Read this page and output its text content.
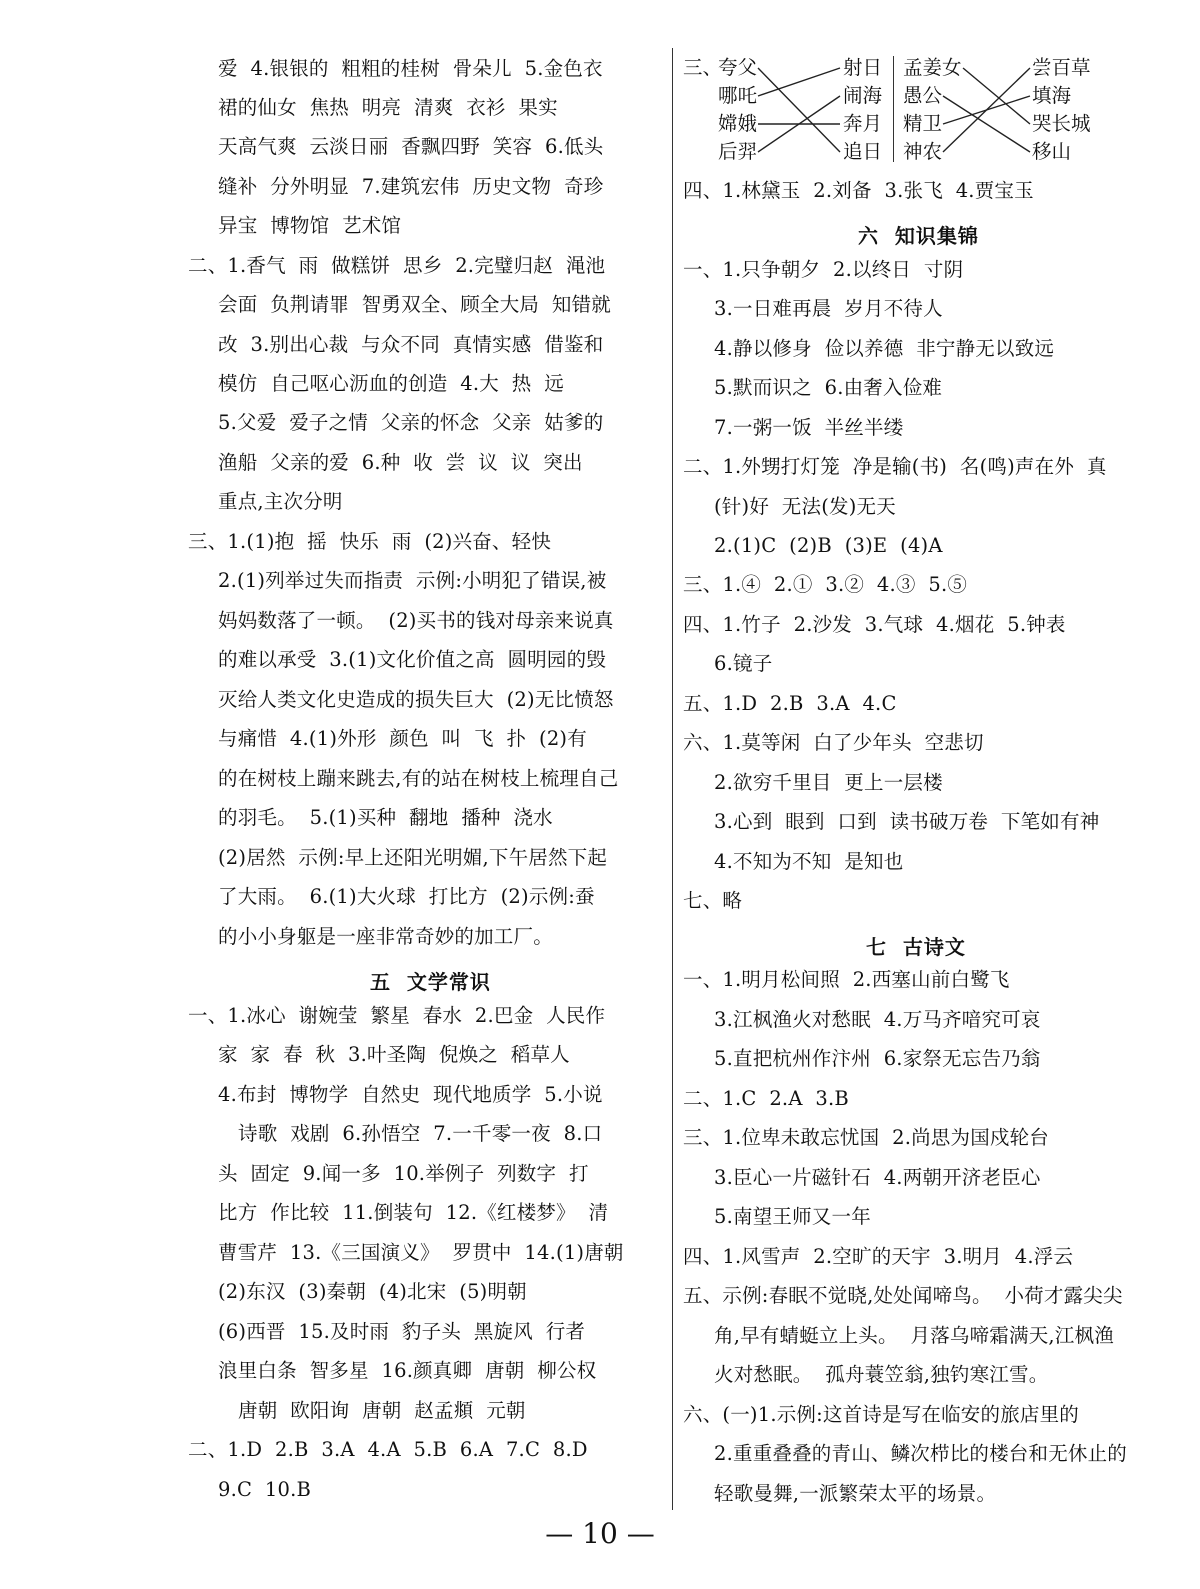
爱  4.银银的  粗粗的桂树  骨朵儿  5.金色衣
裙的仙女  焦热  明亮  清爽  衣衫  果实
天高气爽  云淡日丽  香飘四野  笑容  6.低头
缝补  分外明显  7.建筑宏伟  历史文物  奇珍
异宝  博物馆  艺术馆
二、1.香气  雨  做糕饼  思乡  2.完璧归赵  渑池
会面  负荆请罪  智勇双全、顾全大局  知错就
改  3.别出心裁  与众不同  真情实感  借鉴和
模仿  自己呕心沥血的创造  4.大  热  远
5.父爱  爱子之情  父亲的怀念  父亲  姑爹的
渔船  父亲的爱  6.种  收  尝  议  议  突出
重点,主次分明
三、1.(1)抱  摇  快乐  雨  (2)兴奋、轻快
2.(1)列举过失而指责  示例:小明犯了错误,被
妈妈数落了一顿。  (2)买书的钱对母亲来说真
的难以承受  3.(1)文化价值之高  圆明园的毁
灭给人类文化史造成的损失巨大  (2)无比愤怒
与痛惜  4.(1)外形  颜色  叫  飞  扑  (2)有
的在树枝上蹦来跳去,有的站在树枝上梳理自己
的羽毛。  5.(1)买种  翻地  播种  浇水
(2)居然  示例:早上还阳光明媚,下午居然下起
了大雨。  6.(1)大火球  打比方  (2)示例:蚕
的小小身躯是一座非常奇妙的加工厂。
五  文学常识
一、1.冰心  谢婉莹  繁星  春水  2.巴金  人民作
家  家  春  秋  3.叶圣陶  倪焕之  稻草人
4.布封  博物学  自然史  现代地质学  5.小说
诗歌  戏剧  6.孙悟空  7.一千零一夜  8.口
头  固定  9.闻一多  10.举例子  列数字  打
比方  作比较  11.倒装句  12.《红楼梦》  清
曹雪芹  13.《三国演义》  罗贯中  14.(1)唐朝
(2)东汉  (3)秦朝  (4)北宋  (5)明朝
(6)西晋  15.及时雨  豹子头  黑旋风  行者
浪里白条  智多星  16.颜真卿  唐朝  柳公权
唐朝  欧阳询  唐朝  赵孟頫  元朝
二、1.D  2.B  3.A  4.A  5.B  6.A  7.C  8.D
9.C  10.B
三、
夸父
哪吒
嫦娥
后羿
射日
闹海
奔月
追日
孟姜女
愚公
精卫
神农
尝百草
填海
哭长城
移山
四、1.林黛玉  2.刘备  3.张飞  4.贾宝玉
六  知识集锦
一、1.只争朝夕  2.以终日  寸阴
3.一日难再晨  岁月不待人
4.静以修身  俭以养德  非宁静无以致远
5.默而识之  6.由奢入俭难
7.一粥一饭  半丝半缕
二、1.外甥打灯笼  净是输(书)  名(鸣)声在外  真
(针)好  无法(发)无天
2.(1)C  (2)B  (3)E  (4)A
三、1.④  2.①  3.②  4.③  5.⑤
四、1.竹子  2.沙发  3.气球  4.烟花  5.钟表
6.镜子
五、1.D  2.B  3.A  4.C
六、1.莫等闲  白了少年头  空悲切
2.欲穷千里目  更上一层楼
3.心到  眼到  口到  读书破万卷  下笔如有神
4.不知为不知  是知也
七、略
七  古诗文
一、1.明月松间照  2.西塞山前白鹭飞
3.江枫渔火对愁眠  4.万马齐喑究可哀
5.直把杭州作汴州  6.家祭无忘告乃翁
二、1.C  2.A  3.B
三、1.位卑未敢忘忧国  2.尚思为国戍轮台
3.臣心一片磁针石  4.两朝开济老臣心
5.南望王师又一年
四、1.风雪声  2.空旷的天宇  3.明月  4.浮云
五、示例:春眠不觉晓,处处闻啼鸟。  小荷才露尖尖
角,早有蜻蜓立上头。  月落乌啼霜满天,江枫渔
火对愁眠。  孤舟蓑笠翁,独钓寒江雪。
六、(一)1.示例:这首诗是写在临安的旅店里的
2.重重叠叠的青山、鳞次栉比的楼台和无休止的
轻歌曼舞,一派繁荣太平的场景。
— 10 —
